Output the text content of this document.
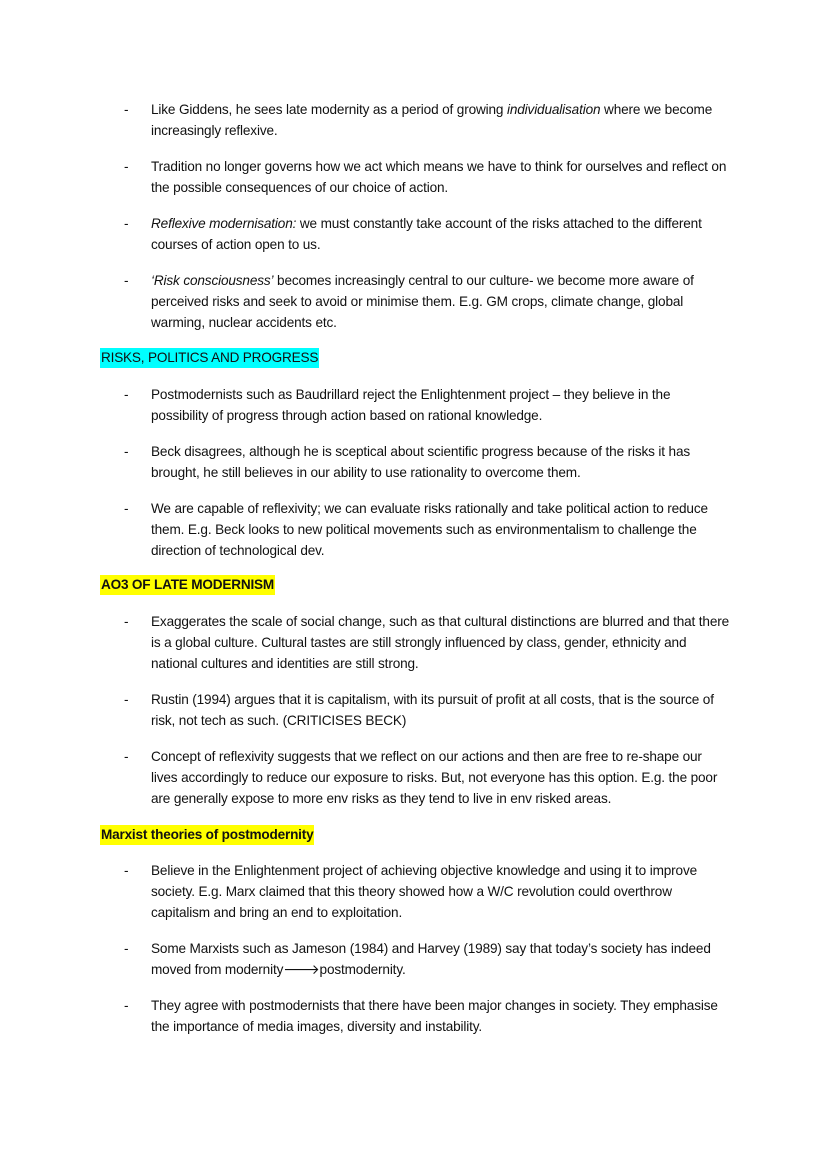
- Like Giddens, he sees late modernity as a period of growing individualisation where we become increasingly reflexive.
- Tradition no longer governs how we act which means we have to think for ourselves and reflect on the possible consequences of our choice of action.
- Reflexive modernisation: we must constantly take account of the risks attached to the different courses of action open to us.
- ‘Risk consciousness’ becomes increasingly central to our culture- we become more aware of perceived risks and seek to avoid or minimise them. E.g. GM crops, climate change, global warming, nuclear accidents etc.
RISKS, POLITICS AND PROGRESS
- Postmodernists such as Baudrillard reject the Enlightenment project – they believe in the possibility of progress through action based on rational knowledge.
- Beck disagrees, although he is sceptical about scientific progress because of the risks it has brought, he still believes in our ability to use rationality to overcome them.
- We are capable of reflexivity; we can evaluate risks rationally and take political action to reduce them. E.g. Beck looks to new political movements such as environmentalism to challenge the direction of technological dev.
AO3 OF LATE MODERNISM
- Exaggerates the scale of social change, such as that cultural distinctions are blurred and that there is a global culture. Cultural tastes are still strongly influenced by class, gender, ethnicity and national cultures and identities are still strong.
- Rustin (1994) argues that it is capitalism, with its pursuit of profit at all costs, that is the source of risk, not tech as such. (CRITICISES BECK)
- Concept of reflexivity suggests that we reflect on our actions and then are free to re-shape our lives accordingly to reduce our exposure to risks. But, not everyone has this option. E.g. the poor are generally expose to more env risks as they tend to live in env risked areas.
Marxist theories of postmodernity
- Believe in the Enlightenment project of achieving objective knowledge and using it to improve society. E.g. Marx claimed that this theory showed how a W/C revolution could overthrow capitalism and bring an end to exploitation.
- Some Marxists such as Jameson (1984) and Harvey (1989) say that today’s society has indeed moved from modernity🡒postmodernity.
- They agree with postmodernists that there have been major changes in society. They emphasise the importance of media images, diversity and instability.
